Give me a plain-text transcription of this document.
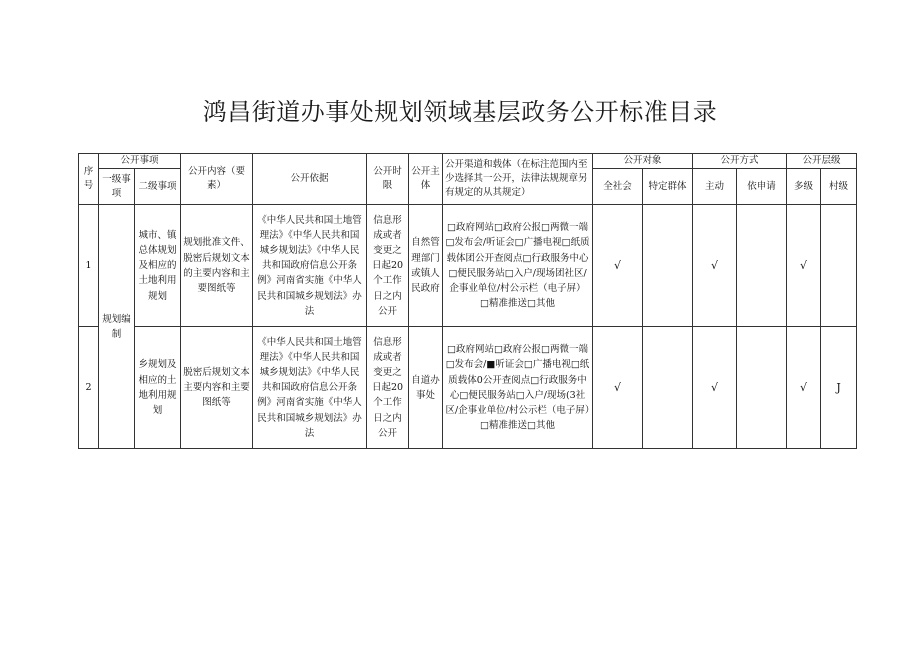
鸿昌街道办事处规划领域基层政务公开标准目录
序号	公开事项		公开内容（要素）	公开依据	公开时限	公开主体	公开渠道和载体（在标注范围内至少选择其一公开，法律法规规章另有规定的从其规定）	公开对象		公开方式		公开层级	
	一级事项	二级事项						全社会	特定群体	主动	依申请	多级	村级
1	规划编制	城市、镇总体规划及相应的土地利用规划	规划批准文件、脱密后规划文本的主要内容和主要图纸等	《中华人民共和国土地管理法》《中华人民共和国城乡规划法》《中华人民共和国政府信息公开条例》河南省实施《中华人民共和国城乡规划法》办法	信息形成或者变更之日起20个工作日之内公开	自然管理部门或镇人民政府	□政府网站□政府公报□两微一端□发布会/听证会□广播电视□纸质载体团公开查阅点□行政服务中心□便民服务站□入户/现场团社区/企事业单位/村公示栏（电子屏）□精准推送□其他	√		√		√	
2		乡规划及相应的土地利用规划	脱密后规划文本主要内容和主要图纸等	《中华人民共和国土地管理法》《中华人民共和国城乡规划法》《中华人民共和国政府信息公开条例》河南省实施《中华人民共和国城乡规划法》办法	信息形成或者变更之日起20个工作日之内公开	自道办事处	□政府网站□政府公报□两微一端□发布会/■听证会□广播电视□纸质载体0公开查阅点□行政服务中心□便民服务站□入户/现场(3社区/企事业单位/村公示栏（电子屏）□精准推送□其他	√		√		√	J
